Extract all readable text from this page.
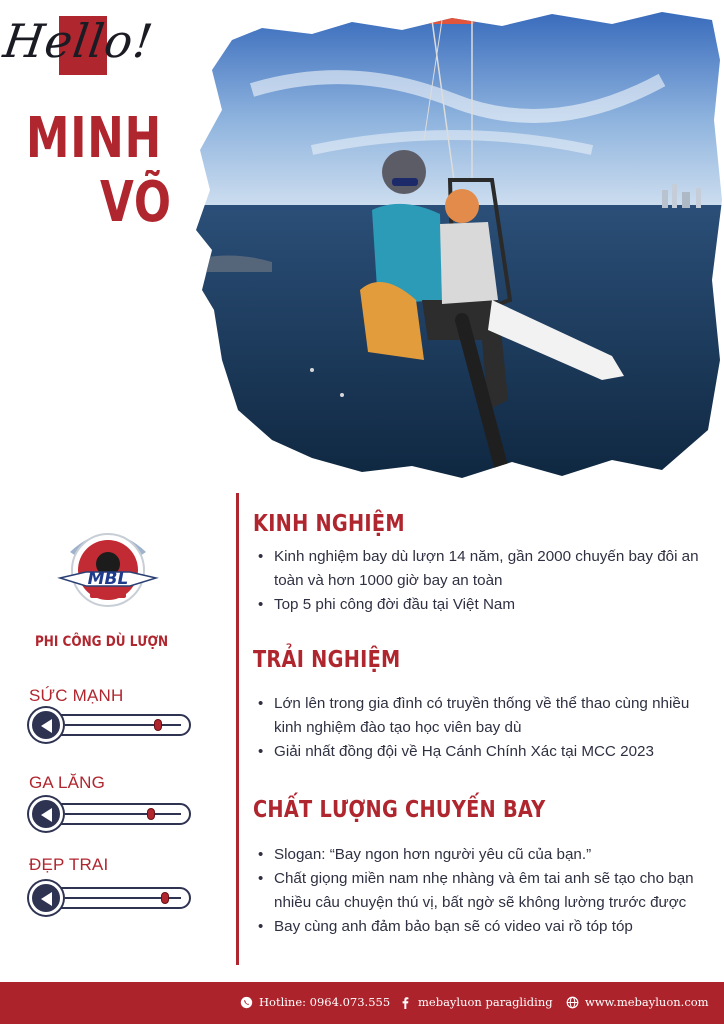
Hello!
MINH
VÕ
MBL
PHI CÔNG DÙ LƯỢN
SỨC MẠNH
GA LĂNG
ĐẸP TRAI
KINH NGHIỆM
• Kinh nghiệm bay dù lượn 14 năm, gần 2000 chuyến bay đôi an toàn và hơn 1000 giờ bay an toàn
• Top 5 phi công đời đầu tại Việt Nam
TRẢI NGHIỆM
• Lớn lên trong gia đình có truyền thống về thể thao cùng nhiều kinh nghiệm đào tạo học viên bay dù
• Giải nhất đồng đội về Hạ Cánh Chính Xác tại MCC 2023
CHẤT LƯỢNG CHUYẾN BAY
• Slogan: “Bay ngon hơn người yêu cũ của bạn.”
• Chất giọng miền nam nhẹ nhàng và êm tai anh sẽ tạo cho bạn nhiều câu chuyện thú vị, bất ngờ sẽ không lường trước được
• Bay cùng anh đảm bảo bạn sẽ có video vai rồ tóp tóp
Hotline: 0964.073.555 mebayluon paragliding	www.mebayluon.com
